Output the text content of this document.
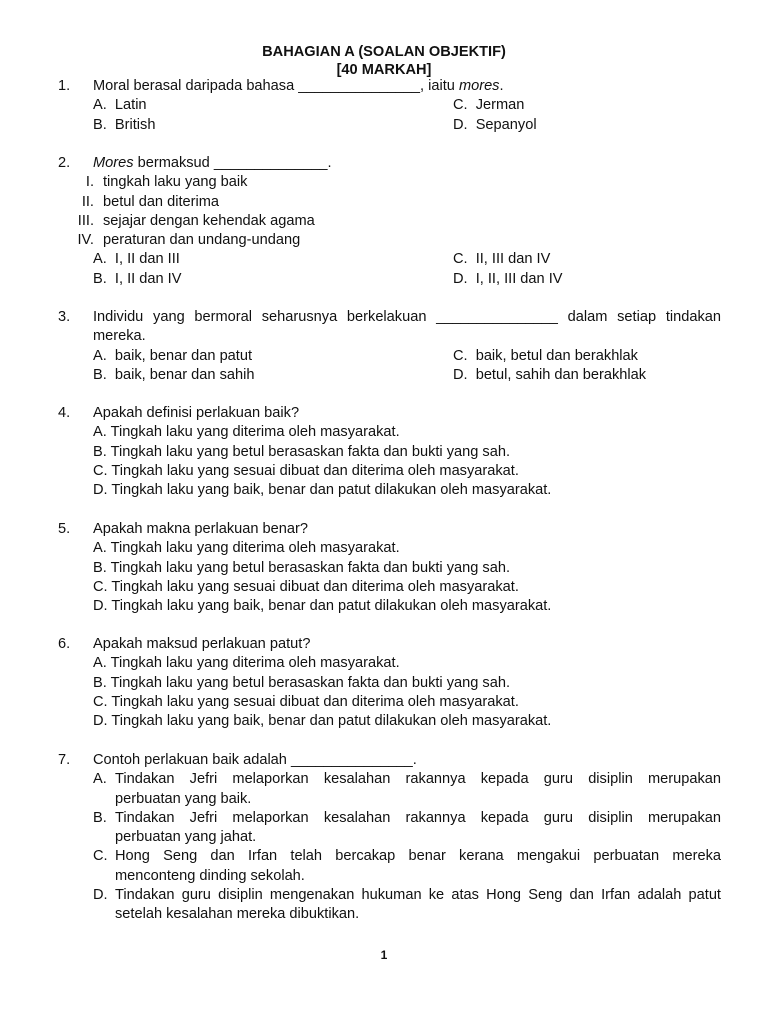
BAHAGIAN A (SOALAN OBJEKTIF)
[40 MARKAH]
1. Moral berasal daripada bahasa _______________, iaitu mores.
A. Latin	C. Jerman
B. British	D. Sepanyol
2. Mores bermaksud ______________.
I. tingkah laku yang baik
II. betul dan diterima
III. sejajar dengan kehendak agama
IV. peraturan dan undang-undang
A. I, II dan III	C. II, III dan IV
B. I, II dan IV	D. I, II, III dan IV
3. Individu yang bermoral seharusnya berkelakuan _______________ dalam setiap tindakan
mereka.
A. baik, benar dan patut	C. baik, betul dan berakhlak
B. baik, benar dan sahih	D. betul, sahih dan berakhlak
4. Apakah definisi perlakuan baik?
A. Tingkah laku yang diterima oleh masyarakat.
B. Tingkah laku yang betul berasaskan fakta dan bukti yang sah.
C. Tingkah laku yang sesuai dibuat dan diterima oleh masyarakat.
D. Tingkah laku yang baik, benar dan patut dilakukan oleh masyarakat.
5. Apakah makna perlakuan benar?
A. Tingkah laku yang diterima oleh masyarakat.
B. Tingkah laku yang betul berasaskan fakta dan bukti yang sah.
C. Tingkah laku yang sesuai dibuat dan diterima oleh masyarakat.
D. Tingkah laku yang baik, benar dan patut dilakukan oleh masyarakat.
6. Apakah maksud perlakuan patut?
A. Tingkah laku yang diterima oleh masyarakat.
B. Tingkah laku yang betul berasaskan fakta dan bukti yang sah.
C. Tingkah laku yang sesuai dibuat dan diterima oleh masyarakat.
D. Tingkah laku yang baik, benar dan patut dilakukan oleh masyarakat.
7. Contoh perlakuan baik adalah _______________.
A. Tindakan Jefri melaporkan kesalahan rakannya kepada guru disiplin merupakan
perbuatan yang baik.
B. Tindakan Jefri melaporkan kesalahan rakannya kepada guru disiplin merupakan
perbuatan yang jahat.
C. Hong Seng dan Irfan telah bercakap benar kerana mengakui perbuatan mereka
menconteng dinding sekolah.
D. Tindakan guru disiplin mengenakan hukuman ke atas Hong Seng dan Irfan adalah patut
setelah kesalahan mereka dibuktikan.
1
